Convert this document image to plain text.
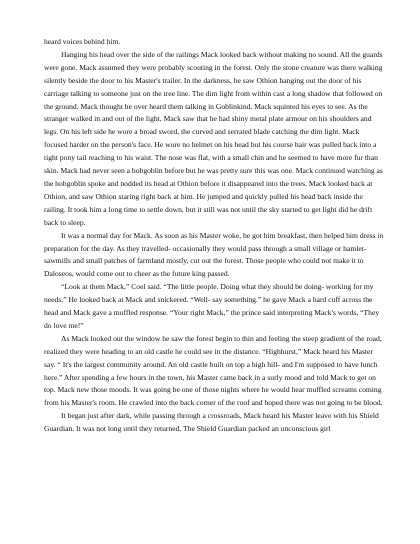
heard voices behind him.

Hanging his head over the side of the railings Mack looked back without making no sound. All the guards were gone. Mack assumed they were probably scouting in the forest. Only the stone creature was there walking silently beside the door to his Master's trailer. In the darkness, he saw Othion hanging out the door of his carriage talking to someone just on the tree line. The dim light from within cast a long shadow that followed on the ground. Mack thought he over heard them talking in Goblinkind. Mack squinted his eyes to see. As the stranger walked in and out of the light, Mack saw that he had shiny metal plate armour on his shoulders and legs. On his left side he wore a broad sword, the curved and serrated blade catching the dim light. Mack focused harder on the person's face. He wore no helmet on his head but his course hair was pulled back into a tight pony tail reaching to his waist. The nose was flat, with a small chin and he seemed to have more fur than skin. Mack had never seen a hobgoblin before but he was pretty sure this was one. Mack continued watching as the hobgoblin spoke and nodded its head at Othion before it disappeared into the trees. Mack looked back at Othion, and saw Othion staring right back at him. He jumped and quickly pulled his head back inside the railing. It took him a long time to settle down, but it still was not until the sky started to get light did he drift back to sleep.

It was a normal day for Mack. As soon as his Master woke, he got him breakfast, then helped him dress in preparation for the day. As they travelled- occasionally they would pass through a small village or hamlet- sawmills and small patches of farmland mostly, cut out the forest. Those people who could not make it to Daloseos, would come out to cheer as the future king passed.

“Look at them Mack,” Coel said. “The little people. Doing what they should be doing- working for my needs.” He looked back at Mack and snickered. “Well- say something.” he gave Mack a hard cuff across the head and Mack gave a muffled response. “Your right Mack,” the prince said interpreting Mack's words, “They do love me!”

As Mack looked out the window he saw the forest begin to thin and feeling the steep gradient of the road, realized they were heading to an old castle he could see in the distance. “Highhurst,” Mack heard his Master say. “ It's the largest community around. An old castle built on top a high hill- and I'm supposed to have lunch here.” After spending a few hours in the town, his Master came back in a surly mood and told Mack to get on top. Mack new those moods. It was going be one of those nights where he would hear muffled screams coming from his Master's room. He crawled into the back corner of the roof and hoped there was not going to be blood.

It began just after dark, while passing through a crossroads, Mack heard his Master leave with his Shield Guardian. It was not long until they returned. The Shield Guardian packed an unconscious girl
